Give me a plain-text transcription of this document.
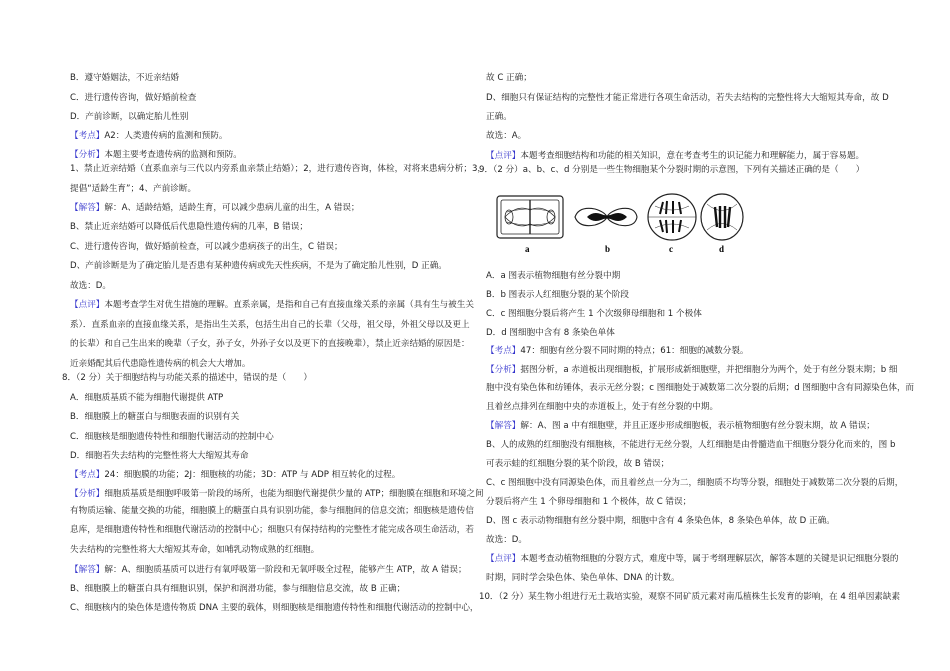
B．遵守婚姻法，不近亲结婚
C．进行遗传咨询，做好婚前检查
D．产前诊断，以确定胎儿性别
【考点】A2：人类遗传病的监测和预防。
【分析】本题主要考查遗传病的监测和预防。
1、禁止近亲结婚（直系血亲与三代以内旁系血亲禁止结婚）；2，进行遗传咨询，体检，对将来患病分析；3，
提倡“适龄生育”；4、产前诊断。
【解答】解：A、适龄结婚，适龄生育，可以减少患病儿童的出生，A 错误；
B、禁止近亲结婚可以降低后代患隐性遗传病的几率，B 错误；
C、进行遗传咨询，做好婚前检查，可以减少患病孩子的出生，C 错误；
D、产前诊断是为了确定胎儿是否患有某种遗传病或先天性疾病，不是为了确定胎儿性别，D 正确。
故选：D。
【点评】本题考查学生对优生措施的理解。直系亲属，是指和自己有直接血缘关系的亲属（具有生与被生关
系）．直系血亲的直接血缘关系，是指出生关系，包括生出自己的长辈（父母，祖父母，外祖父母以及更上
的长辈）和自己生出来的晚辈（子女，孙子女，外孙子女以及更下的直接晚辈），禁止近亲结婚的原因是：
近亲婚配其后代患隐性遗传病的机会大大增加。
8．（2 分）关于细胞结构与功能关系的描述中，错误的是（　　）
A．细胞质基质不能为细胞代谢提供 ATP
B．细胞膜上的糖蛋白与细胞表面的识别有关
C．细胞核是细胞遗传特性和细胞代谢活动的控制中心
D．细胞若失去结构的完整性将大大缩短其寿命
【考点】24：细胞膜的功能；2J：细胞核的功能；3D：ATP 与 ADP 相互转化的过程。
【分析】细胞质基质是细胞呼吸第一阶段的场所，也能为细胞代谢提供少量的 ATP；细胞膜在细胞和环境之间
有物质运输、能量交换的功能，细胞膜上的糖蛋白具有识别功能，参与细胞间的信息交流；细胞核是遗传信
息库，是细胞遗传特性和细胞代谢活动的控制中心；细胞只有保持结构的完整性才能完成各项生命活动，若
失去结构的完整性将大大缩短其寿命，如哺乳动物成熟的红细胞。
【解答】解：A、细胞质基质可以进行有氧呼吸第一阶段和无氧呼吸全过程，能够产生 ATP，故 A 错误；
B、细胞膜上的糖蛋白具有细胞识别，保护和润滑功能，参与细胞信息交流，故 B 正确；
C、细胞核内的染色体是遗传物质 DNA 主要的载体，则细胞核是细胞遗传特性和细胞代谢活动的控制中心，
故 C 正确；
D、细胞只有保证结构的完整性才能正常进行各项生命活动，若失去结构的完整性将大大缩短其寿命，故 D
正确。
故选：A。
【点评】本题考查细胞结构和功能的相关知识，意在考查考生的识记能力和理解能力，属于容易题。
9．（2 分）a、b、c、d 分别是一些生物细胞某个分裂时期的示意图，下列有关描述正确的是（　　）
a	b	c	d
A．a 图表示植物细胞有丝分裂中期
B．b 图表示人红细胞分裂的某个阶段
C．c 图细胞分裂后将产生 1 个次级卵母细胞和 1 个极体
D．d 图细胞中含有 8 条染色单体
【考点】47：细胞有丝分裂不同时期的特点；61：细胞的减数分裂。
【分析】据图分析，a 赤道板出现细胞板，扩展形成新细胞壁，并把细胞分为两个，处于有丝分裂末期；b 细
胞中没有染色体和纺锤体，表示无丝分裂；c 图细胞处于减数第二次分裂的后期；d 图细胞中含有同源染色体，而
且着丝点排列在细胞中央的赤道板上，处于有丝分裂的中期。
【解答】解：A、图 a 中有细胞壁，并且正逐步形成细胞板，表示植物细胞有丝分裂末期，故 A 错误；
B、人的成熟的红细胞没有细胞核，不能进行无丝分裂，人红细胞是由骨髓造血干细胞分裂分化而来的，图 b
可表示蛙的红细胞分裂的某个阶段，故 B 错误；
C、c 图细胞中没有同源染色体，而且着丝点一分为二，细胞质不均等分裂，细胞处于减数第二次分裂的后期，
分裂后将产生 1 个卵母细胞和 1 个极体，故 C 错误；
D、图 c 表示动物细胞有丝分裂中期，细胞中含有 4 条染色体，8 条染色单体，故 D 正确。
故选：D。
【点评】本题考查动植物细胞的分裂方式，难度中等，属于考纲理解层次，解答本题的关键是识记细胞分裂的
时期，同时学会染色体、染色单体、DNA 的计数。
10．（2 分）某生物小组进行无土栽培实验，观察不同矿质元素对南瓜植株生长发育的影响，在 4 组单因素缺素
